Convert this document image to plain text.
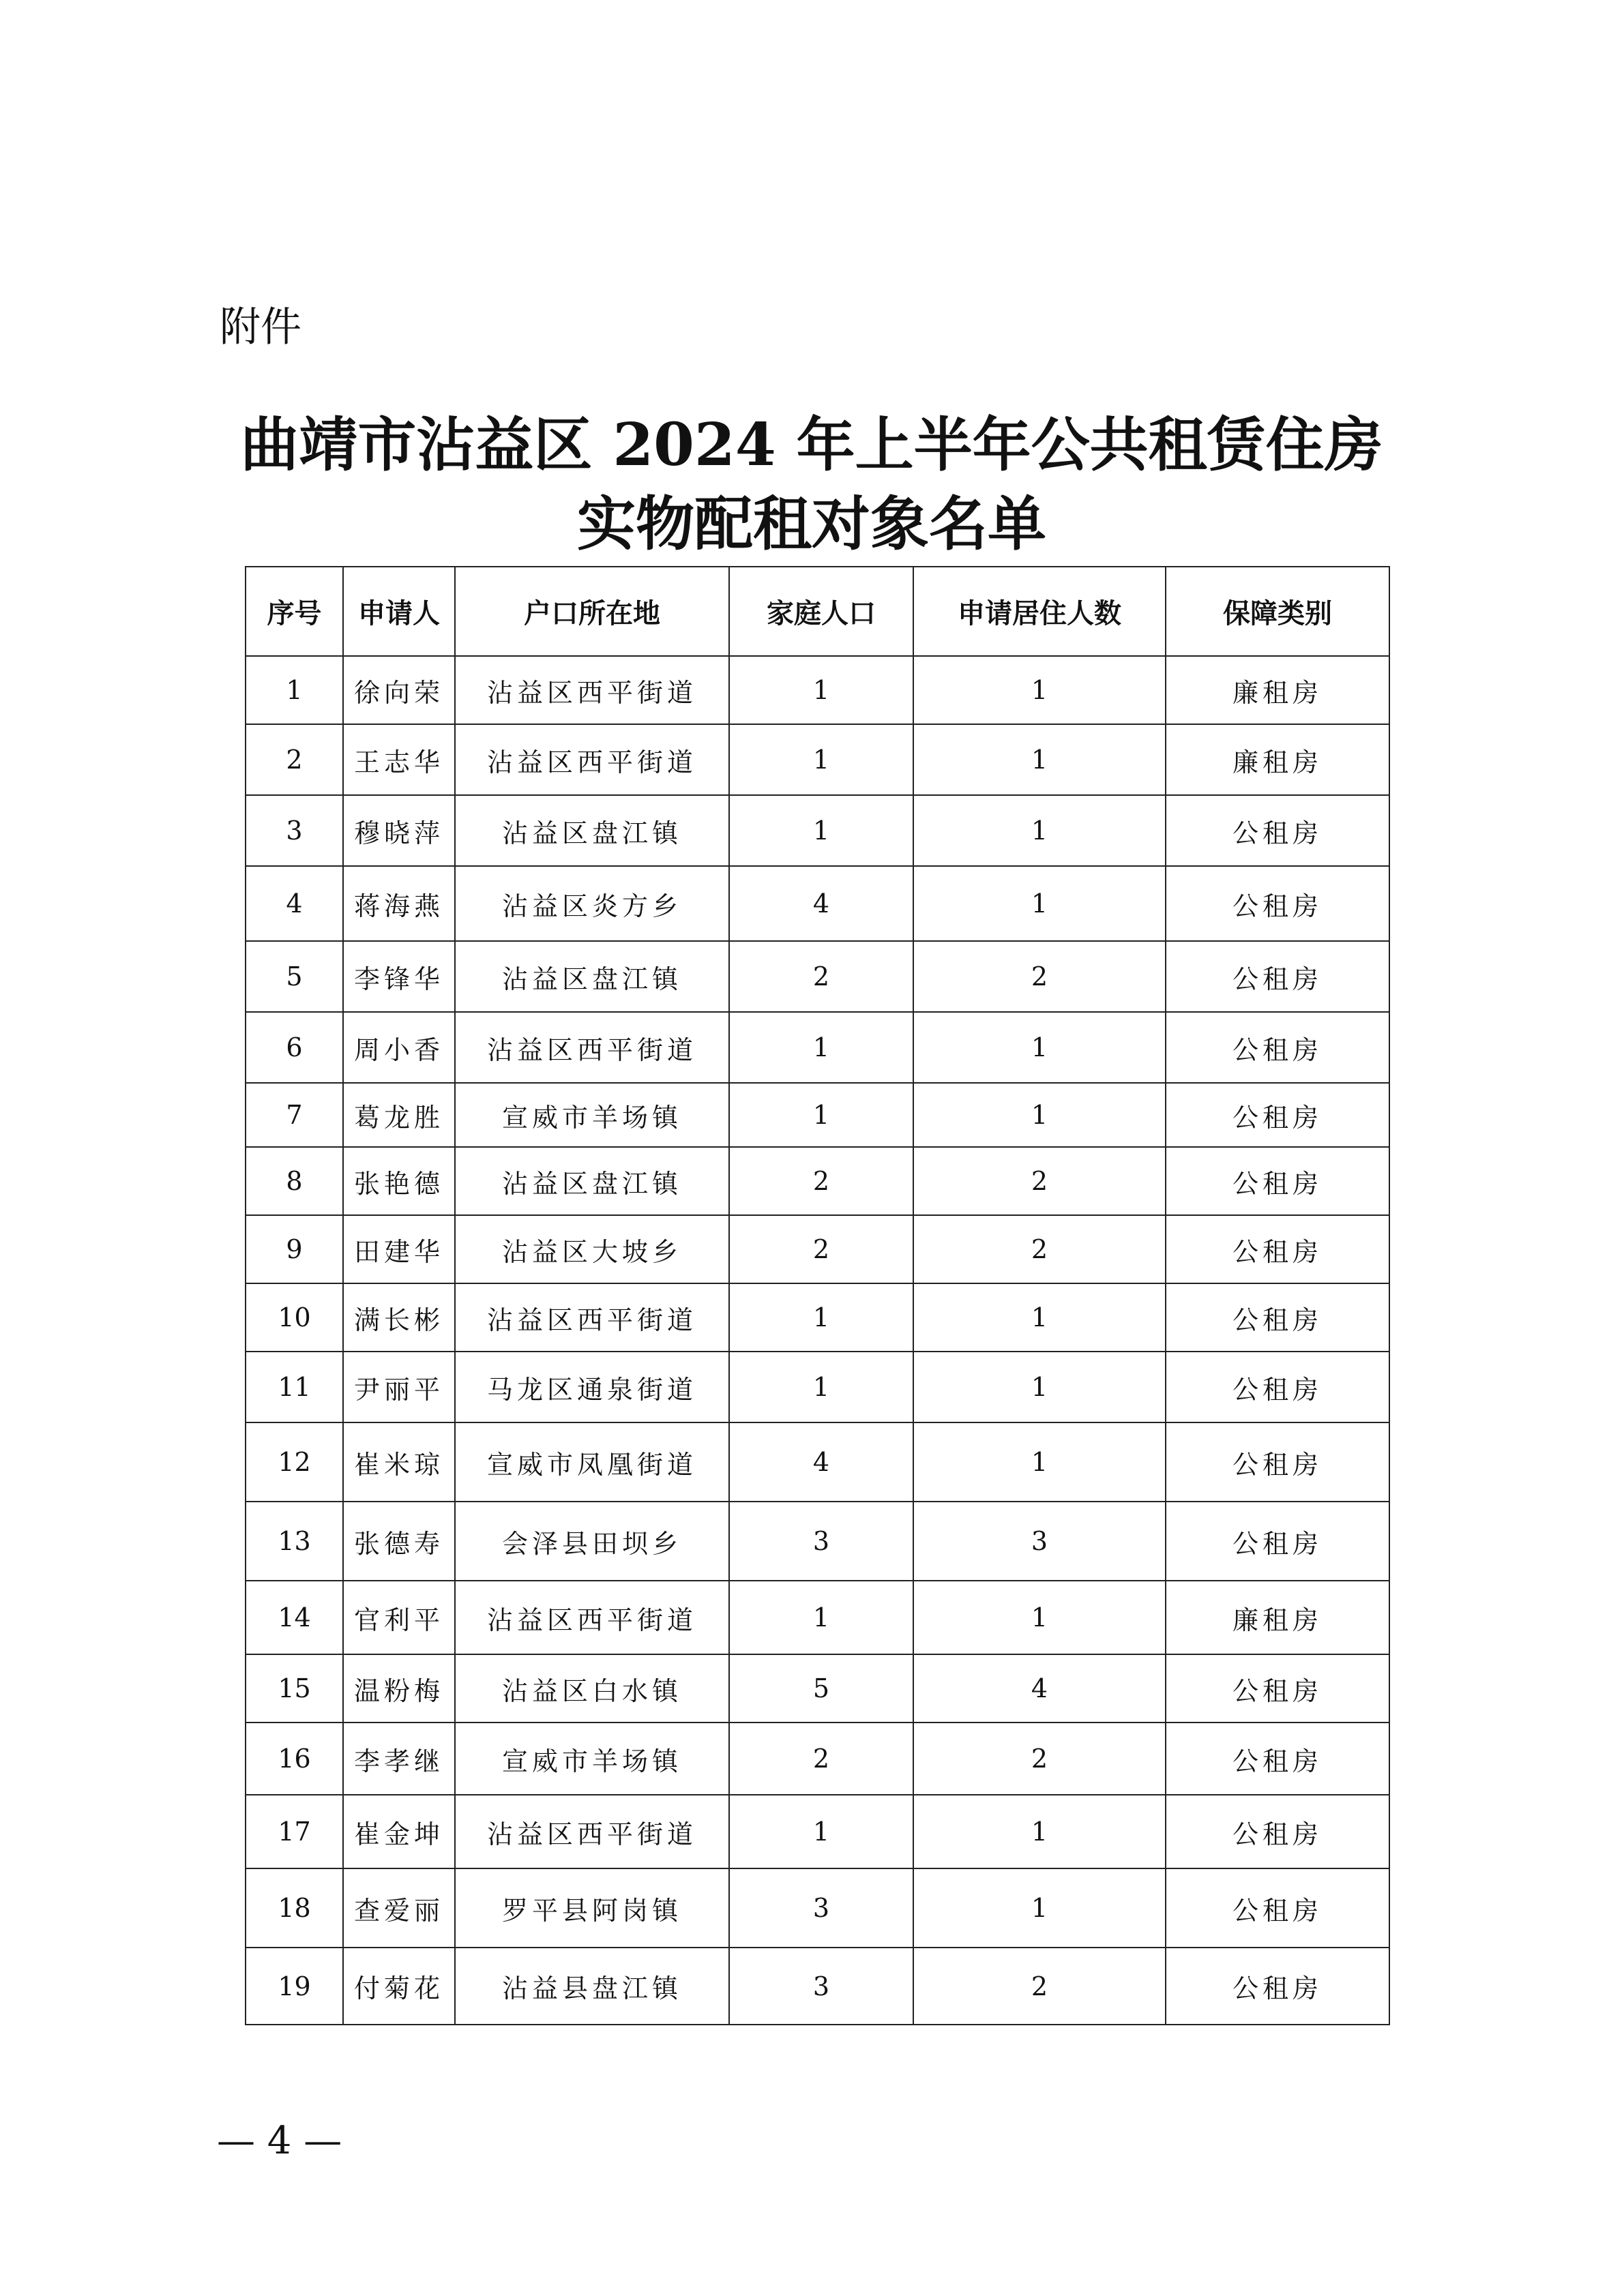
附件

曲靖市沾益区 2024 年上半年公共租赁住房
实物配租对象名单
序号	申请人	户口所在地	家庭人口	申请居住人数	保障类别
1	徐向荣	沾益区西平街道	1	1	廉租房
2	王志华	沾益区西平街道	1	1	廉租房
3	穆晓萍	沾益区盘江镇	1	1	公租房
4	蒋海燕	沾益区炎方乡	4	1	公租房
5	李锋华	沾益区盘江镇	2	2	公租房
6	周小香	沾益区西平街道	1	1	公租房
7	葛龙胜	宣威市羊场镇	1	1	公租房
8	张艳德	沾益区盘江镇	2	2	公租房
9	田建华	沾益区大坡乡	2	2	公租房
10	满长彬	沾益区西平街道	1	1	公租房
11	尹丽平	马龙区通泉街道	1	1	公租房
12	崔米琼	宣威市凤凰街道	4	1	公租房
13	张德寿	会泽县田坝乡	3	3	公租房
14	官利平	沾益区西平街道	1	1	廉租房
15	温粉梅	沾益区白水镇	5	4	公租房
16	李孝继	宣威市羊场镇	2	2	公租房
17	崔金坤	沾益区西平街道	1	1	公租房
18	查爱丽	罗平县阿岗镇	3	1	公租房
19	付菊花	沾益县盘江镇	3	2	公租房

— 4 —
